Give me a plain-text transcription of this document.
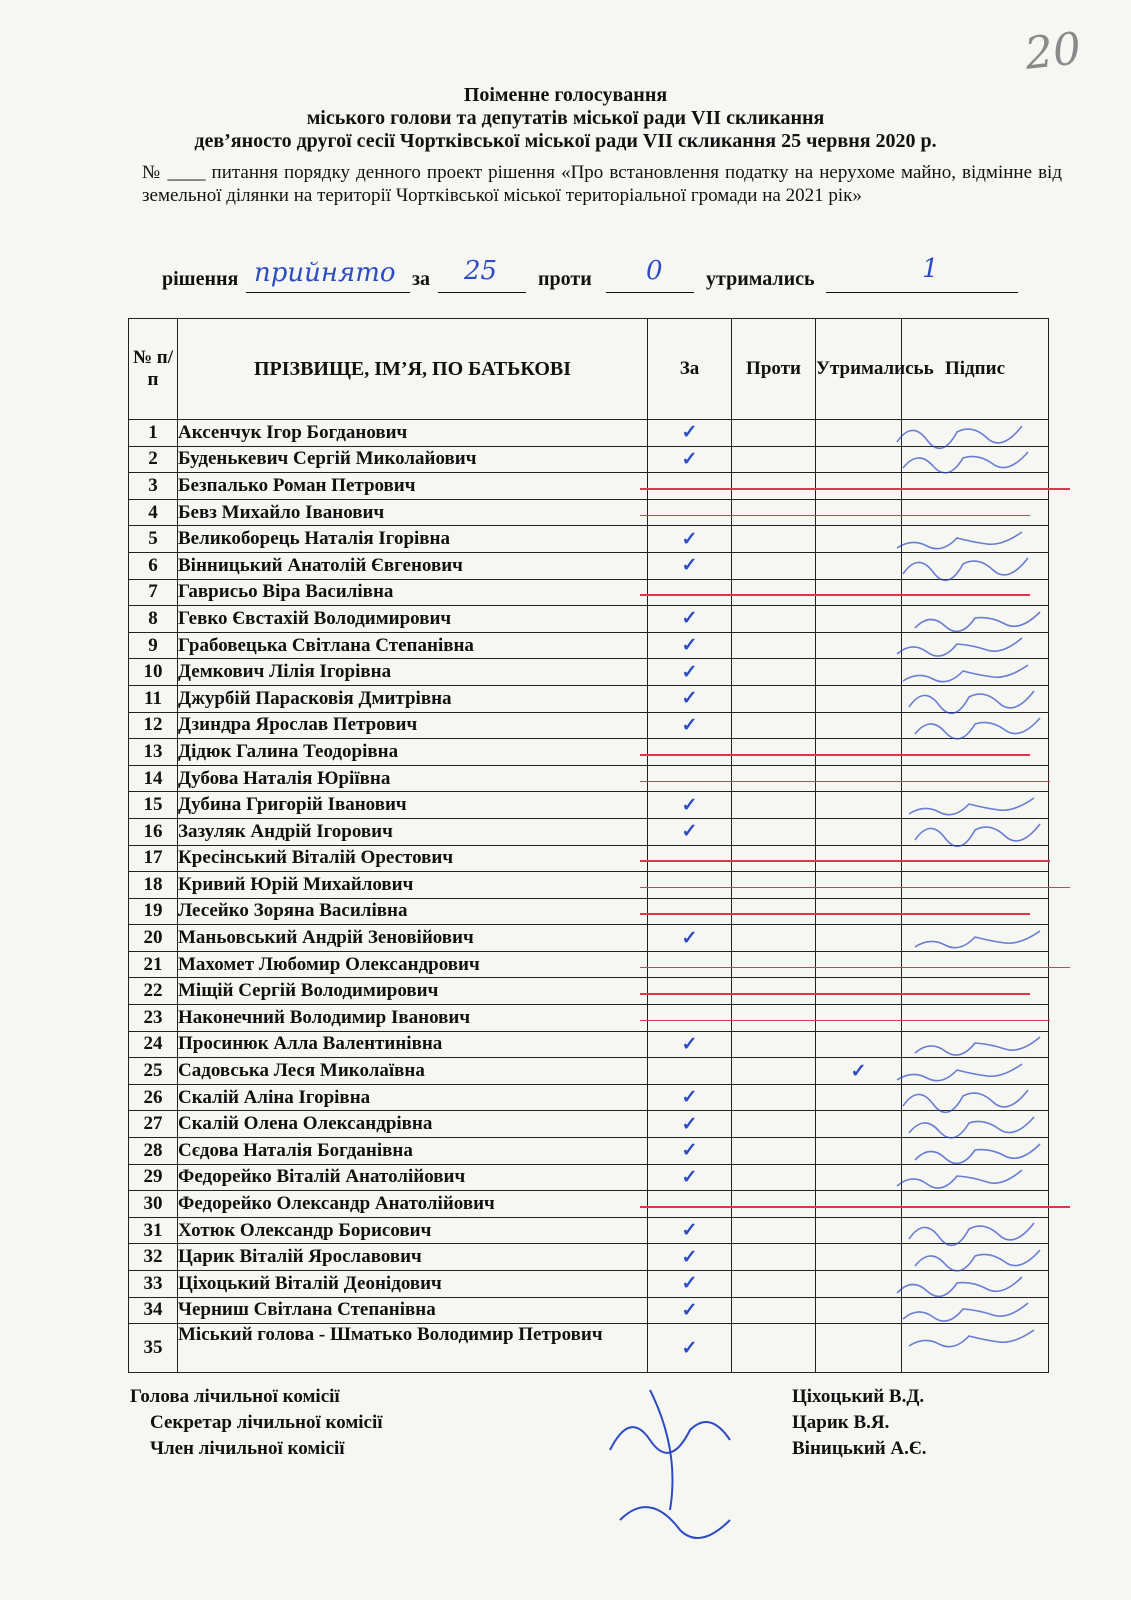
20
Поіменне голосування
міського голови та депутатів міської ради VІІ скликання
дев’яносто другої сесії Чортківської міської ради VІІ скликання 25 червня 2020 р.
№ ____ питання порядку денного проект рішення «Про встановлення податку на нерухоме майно, відмінне від земельної ділянки на території Чортківської міської територіальної громади на 2021 рік»
рішення прийнято за 25 проти 0 утримались	1
№ п/п	ПРІЗВИЩЕ, ІМ’Я, ПО БАТЬКОВІ	За	Проти	Утрималисьь	Підпис
1	Аксенчук Ігор Богданович	✓			
2	Буденькевич Сергій Миколайович	✓			
3	Безпалько Роман Петрович				
4	Бевз Михайло Іванович				
5	Великоборець Наталія Ігорівна	✓			
6	Вінницький Анатолій Євгенович	✓			
7	Гаврисьо Віра Василівна				
8	Гевко Євстахій Володимирович	✓			
9	Грабовецька Світлана Степанівна	✓			
10	Демкович Лілія Ігорівна	✓			
11	Джурбій Парасковія Дмитрівна	✓			
12	Дзиндра Ярослав Петрович	✓			
13	Дідюк Галина Теодорівна				
14	Дубова Наталія Юріївна				
15	Дубина Григорій Іванович	✓			
16	Зазуляк Андрій Ігорович	✓			
17	Кресінський Віталій Орестович				
18	Кривий Юрій Михайлович				
19	Лесейко Зоряна Василівна				
20	Маньовський Андрій Зеновійович	✓			
21	Махомет Любомир Олександрович				
22	Міщій Сергій Володимирович				
23	Наконечний Володимир Іванович				
24	Просинюк Алла Валентинівна	✓			
25	Садовська Леся Миколаївна			✓	
26	Скалій Аліна Ігорівна	✓			
27	Скалій Олена Олександрівна	✓			
28	Сєдова Наталія Богданівна	✓			
29	Федорейко Віталій Анатолійович	✓			
30	Федорейко Олександр Анатолійович				
31	Хотюк Олександр Борисович	✓			
32	Царик Віталій Ярославович	✓			
33	Ціхоцький Віталій Деонідович	✓			
34	Черниш Світлана Степанівна	✓			
35	Міський голова - Шматько Володимир Петрович	✓			
Голова лічильної комісії
Секретар лічильної комісії
Член лічильної комісії
Ціхоцький В.Д.
Царик В.Я.
Віницький А.Є.
